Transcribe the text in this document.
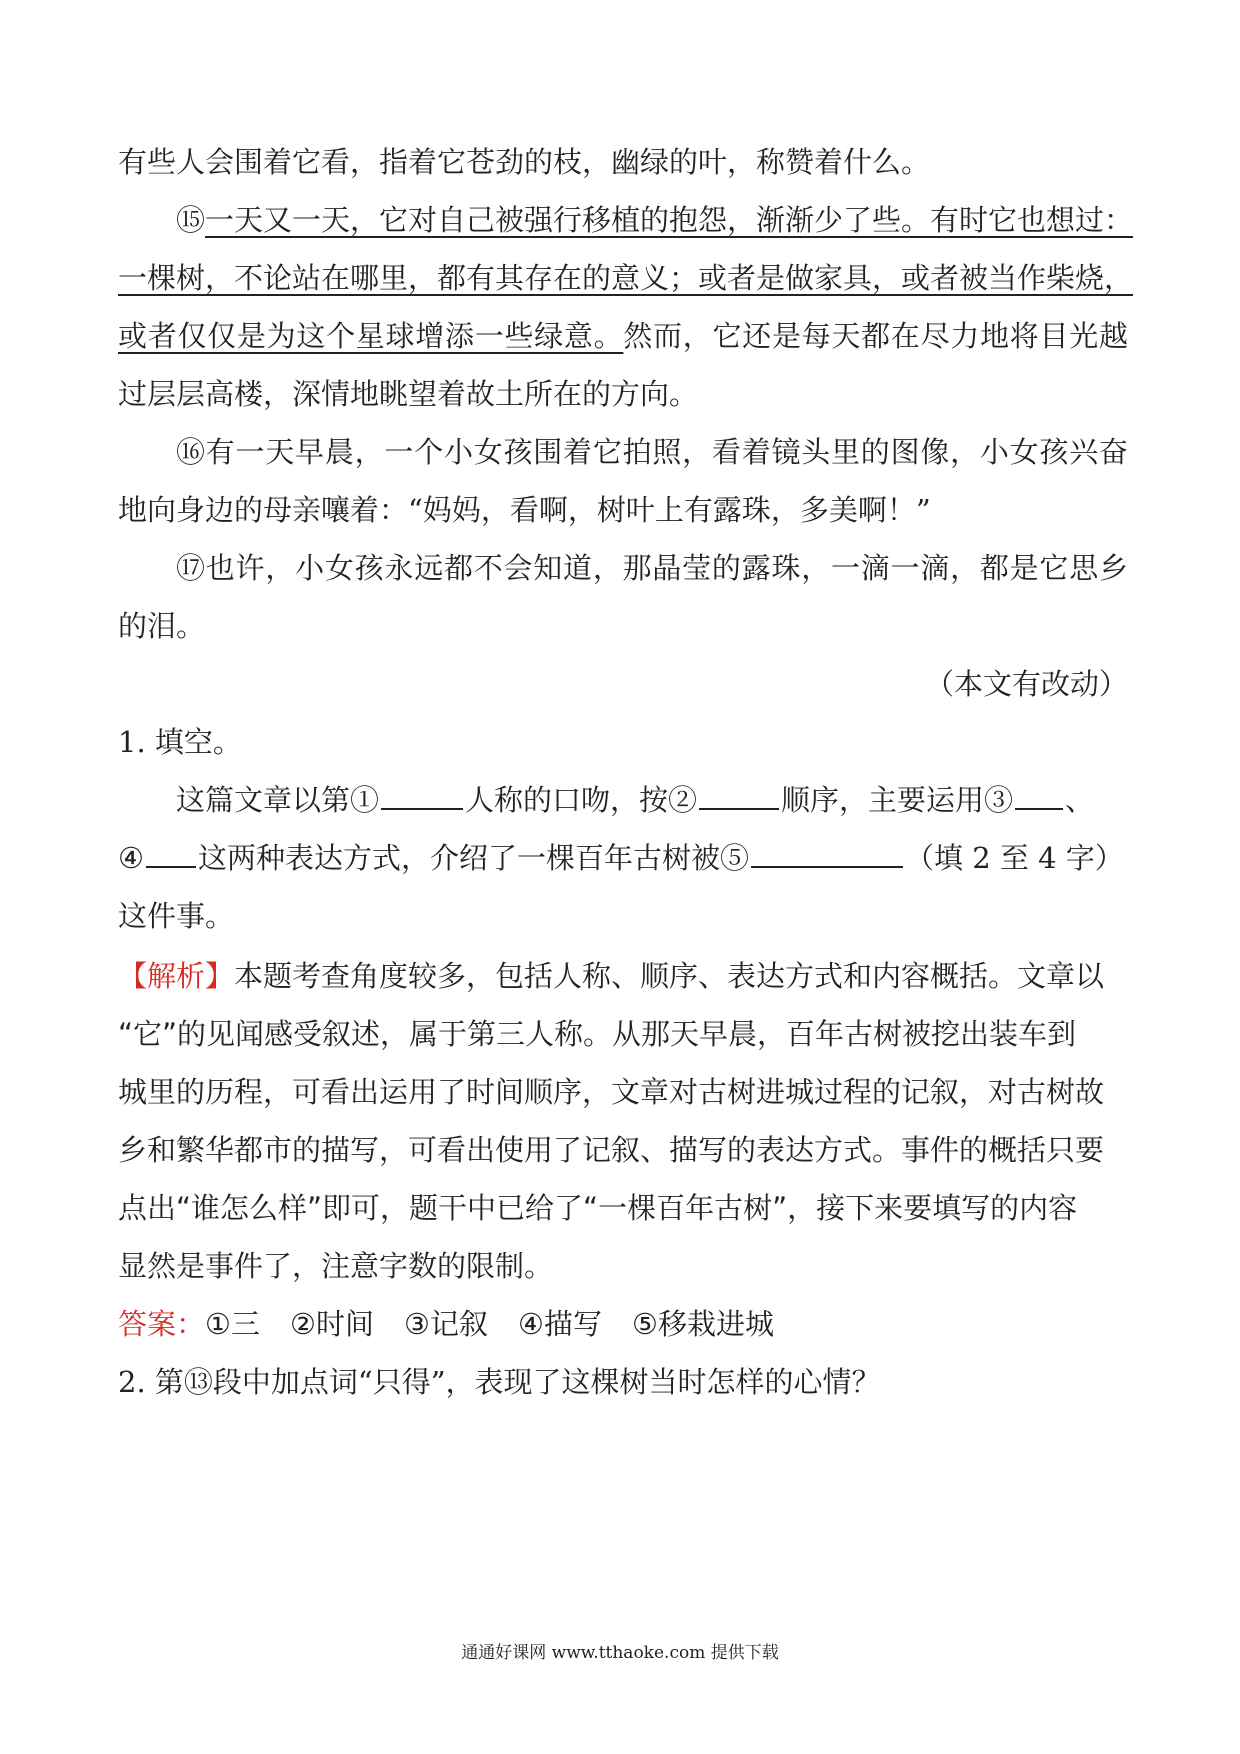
有些人会围着它看，指着它苍劲的枝，幽绿的叶，称赞着什么。
⑮一天又一天，它对自己被强行移植的抱怨，渐渐少了些。有时它也想过：
一棵树，不论站在哪里，都有其存在的意义；或者是做家具，或者被当作柴烧，
或者仅仅是为这个星球增添一些绿意。然而，它还是每天都在尽力地将目光越
过层层高楼，深情地眺望着故土所在的方向。
⑯有一天早晨，一个小女孩围着它拍照，看着镜头里的图像，小女孩兴奋
地向身边的母亲嚷着：“妈妈，看啊，树叶上有露珠，多美啊！”
⑰也许，小女孩永远都不会知道，那晶莹的露珠，一滴一滴，都是它思乡
的泪。
（本文有改动）
1. 填空。
这篇文章以第①	人称的口吻，按②	顺序，主要运用③ 、
④ 这两种表达方式，介绍了一棵百年古树被⑤	（填 2 至 4 字）
这件事。
【解析】本题考查角度较多，包括人称、顺序、表达方式和内容概括。文章以
“它”的见闻感受叙述，属于第三人称。从那天早晨，百年古树被挖出装车到
城里的历程，可看出运用了时间顺序，文章对古树进城过程的记叙，对古树故
乡和繁华都市的描写，可看出使用了记叙、描写的表达方式。事件的概括只要
点出“谁怎么样”即可，题干中已给了“一棵百年古树”，接下来要填写的内容
显然是事件了，注意字数的限制。
答案：①三 ②时间 ③记叙 ④描写 ⑤移栽进城
2. 第⑬段中加点词“只得”，表现了这棵树当时怎样的心情？
通通好课网 www.tthaoke.com 提供下载
